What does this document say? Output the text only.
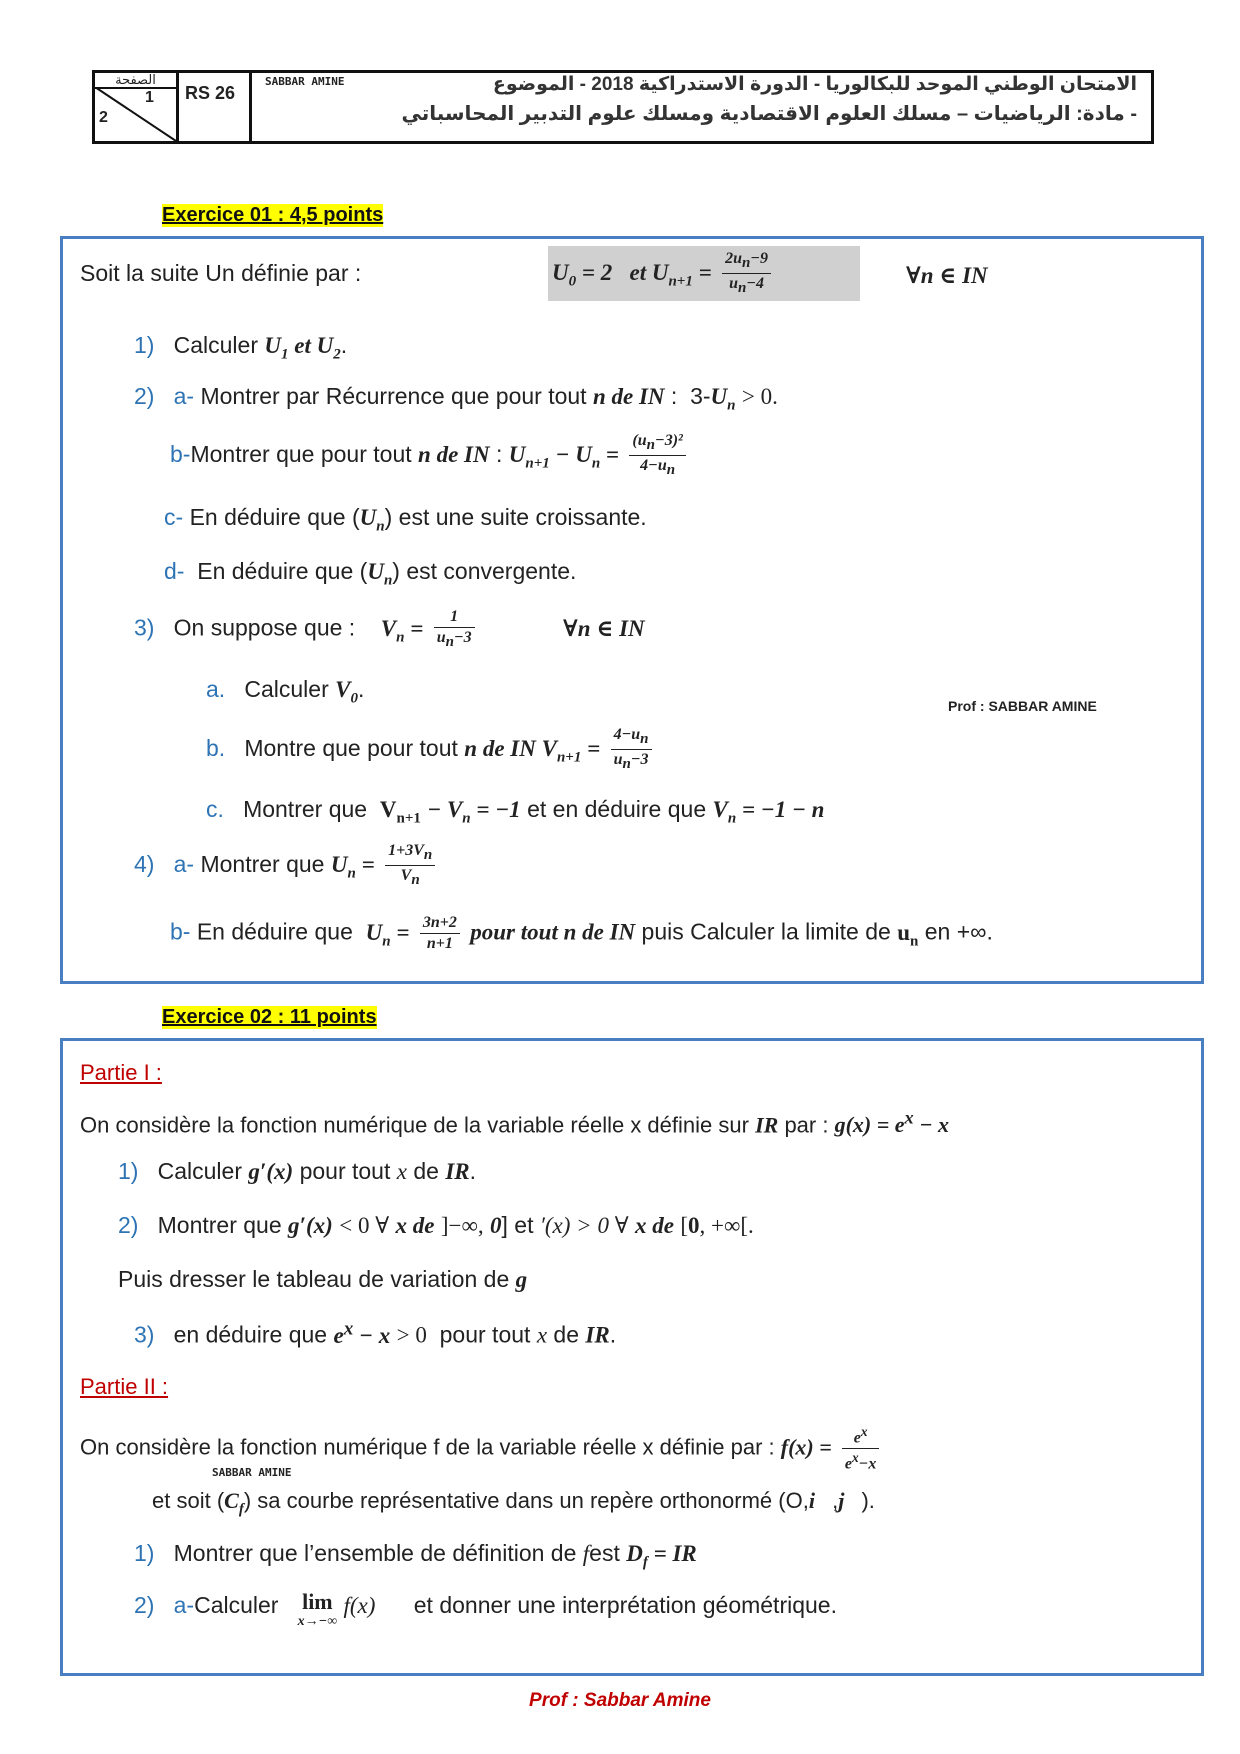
الصفحة
1
2
RS 26
SABBAR AMINE	الامتحان الوطني الموحد للبكالوريا - الدورة الاستدراكية 2018 - الموضوع
- مادة: الرياضيات – مسلك العلوم الاقتصادية ومسلك علوم التدبير المحاسباتي
Exercice 01 : 4,5 points
Soit la suite Un définie par :	$U_0 = 2$   et $U_{n+1} = \frac{2u_n-9}{u_n-4}$	∀n ∈ IN
1) Calculer $U_1$ et $U_2$.
2) a- Montrer par Récurrence que pour tout n de IN :  $3-U_n > 0$.
b-Montrer que pour tout n de IN : $U_{n+1} - U_n = \frac{(u_n-3)^2}{4-u_n}$
c- En déduire que $(U_n)$ est une suite croissante.
d- En déduire que $(U_n)$ est convergente.
3) On suppose que : $V_n = \frac{1}{u_n-3}$	∀n ∈ IN
a. Calculer $V_0$.
Prof : SABBAR AMINE
b. Montre que pour tout n de IN $V_{n+1} = \frac{4-u_n}{u_n-3}$
c. Montrer que $V_{n+1} - V_n = -1$ et en déduire que $V_n = -1 - n$
4) a- Montrer que $U_n = \frac{1+3V_n}{V_n}$
b- En déduire que $U_n = \frac{3n+2}{n+1}$ pour tout n de IN puis Calculer la limite de $u_n$ en +∞.
Exercice 02 : 11 points
Partie I :
On considère la fonction numérique de la variable réelle x définie sur IR par : $g(x) = e^x - x$
1) Calculer g′(x) pour tout x de IR.
2) Montrer que g′(x) < 0 ∀ x de ]−∞, 0] et ′(x) > 0 ∀ x de [0, +∞[.
Puis dresser le tableau de variation de g
3) en déduire que $e^x - x > 0$ pour tout x de IR.
Partie II :
On considère la fonction numérique f de la variable réelle x définie par : $f(x) = \frac{e^x}{e^x-x}$
SABBAR AMINE
et soit $(C_f)$ sa courbe représentative dans un repère orthonormé (O,i⃗,j⃗).
1) Montrer que l’ensemble de définition de fest $D_f$ = IR
2) a-Calculer lim
x→−∞
f(x) et donner une interprétation géométrique.
Prof : Sabbar Amine
